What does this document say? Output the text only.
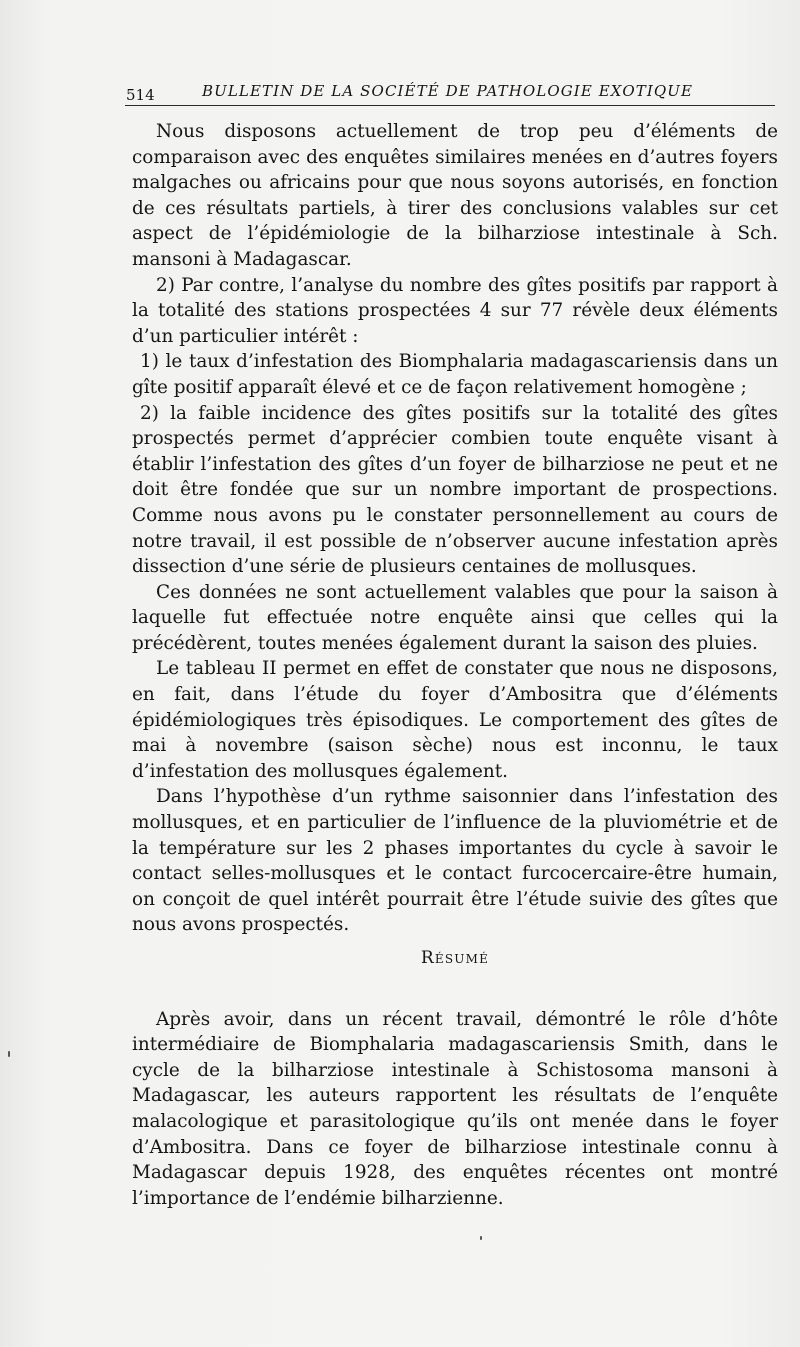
514	BULLETIN DE LA SOCIÉTÉ DE PATHOLOGIE EXOTIQUE

Nous disposons actuellement de trop peu d’éléments de comparaison avec des enquêtes similaires menées en d’autres foyers malgaches ou africains pour que nous soyons autorisés, en fonction de ces résultats partiels, à tirer des conclusions valables sur cet aspect de l’épidémiologie de la bilharziose intestinale à Sch. mansoni à Madagascar.

2) Par contre, l’analyse du nombre des gîtes positifs par rapport à la totalité des stations prospectées 4 sur 77 révèle deux éléments d’un particulier intérêt :

1) le taux d’infestation des Biomphalaria madagascariensis dans un gîte positif apparaît élevé et ce de façon relativement homogène ;

2) la faible incidence des gîtes positifs sur la totalité des gîtes prospectés permet d’apprécier combien toute enquête visant à établir l’infestation des gîtes d’un foyer de bilharziose ne peut et ne doit être fondée que sur un nombre important de prospections. Comme nous avons pu le constater personnellement au cours de notre travail, il est possible de n’observer aucune infestation après dissection d’une série de plusieurs centaines de mollusques.

Ces données ne sont actuellement valables que pour la saison à laquelle fut effectuée notre enquête ainsi que celles qui la précédèrent, toutes menées également durant la saison des pluies.

Le tableau II permet en effet de constater que nous ne disposons, en fait, dans l’étude du foyer d’Ambositra que d’éléments épidémiologiques très épisodiques. Le comportement des gîtes de mai à novembre (saison sèche) nous est inconnu, le taux d’infestation des mollusques également.

Dans l’hypothèse d’un rythme saisonnier dans l’infestation des mollusques, et en particulier de l’influence de la pluviométrie et de la température sur les 2 phases importantes du cycle à savoir le contact selles-mollusques et le contact furcocercaire-être humain, on conçoit de quel intérêt pourrait être l’étude suivie des gîtes que nous avons prospectés.

Résumé

Après avoir, dans un récent travail, démontré le rôle d’hôte intermédiaire de Biomphalaria madagascariensis Smith, dans le cycle de la bilharziose intestinale à Schistosoma mansoni à Madagascar, les auteurs rapportent les résultats de l’enquête malacologique et parasitologique qu’ils ont menée dans le foyer d’Ambositra. Dans ce foyer de bilharziose intestinale connu à Madagascar depuis 1928, des enquêtes récentes ont montré l’importance de l’endémie bilharzienne.
